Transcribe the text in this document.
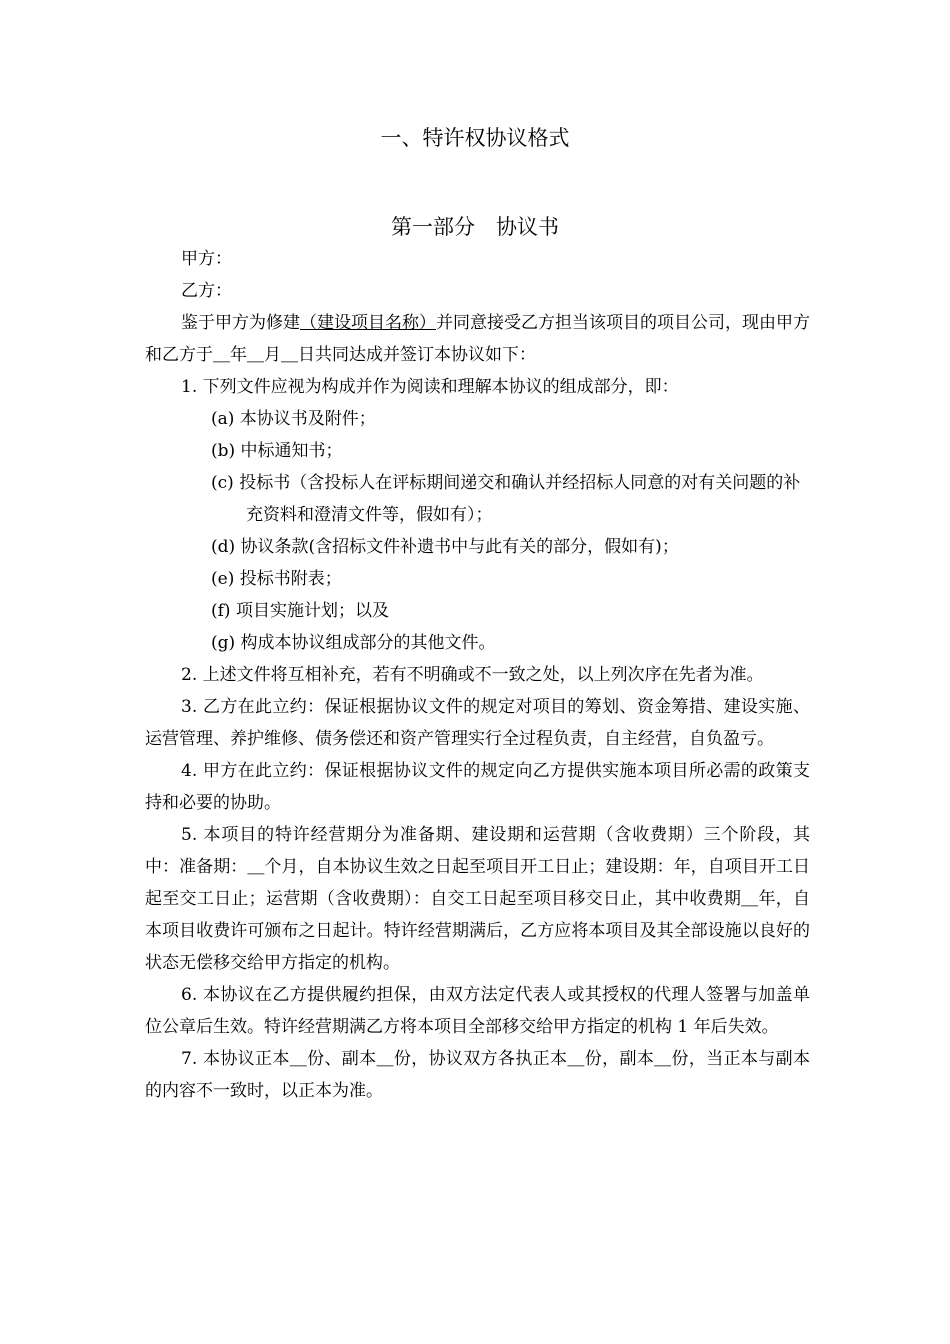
一、特许权协议格式
第一部分　协议书

甲方：

乙方：

鉴于甲方为修建（建设项目名称）并同意接受乙方担当该项目的项目公司，现由甲方和乙方于＿年＿月＿日共同达成并签订本协议如下：

1. 下列文件应视为构成并作为阅读和理解本协议的组成部分，即：

(a) 本协议书及附件；

(b) 中标通知书；

(c) 投标书（含投标人在评标期间递交和确认并经招标人同意的对有关问题的补充资料和澄清文件等，假如有）；

(d) 协议条款(含招标文件补遗书中与此有关的部分，假如有)；

(e) 投标书附表；

(f) 项目实施计划；以及

(g) 构成本协议组成部分的其他文件。

2. 上述文件将互相补充，若有不明确或不一致之处，以上列次序在先者为准。

3. 乙方在此立约：保证根据协议文件的规定对项目的筹划、资金筹措、建设实施、运营管理、养护维修、债务偿还和资产管理实行全过程负责，自主经营，自负盈亏。

4. 甲方在此立约：保证根据协议文件的规定向乙方提供实施本项目所必需的政策支持和必要的协助。

5. 本项目的特许经营期分为准备期、建设期和运营期（含收费期）三个阶段，其中：准备期：＿个月，自本协议生效之日起至项目开工日止；建设期：年，自项目开工日起至交工日止；运营期（含收费期）：自交工日起至项目移交日止，其中收费期＿年，自本项目收费许可颁布之日起计。特许经营期满后，乙方应将本项目及其全部设施以良好的状态无偿移交给甲方指定的机构。

6. 本协议在乙方提供履约担保，由双方法定代表人或其授权的代理人签署与加盖单位公章后生效。特许经营期满乙方将本项目全部移交给甲方指定的机构 1 年后失效。

7. 本协议正本＿份、副本＿份，协议双方各执正本＿份，副本＿份，当正本与副本的内容不一致时，以正本为准。
